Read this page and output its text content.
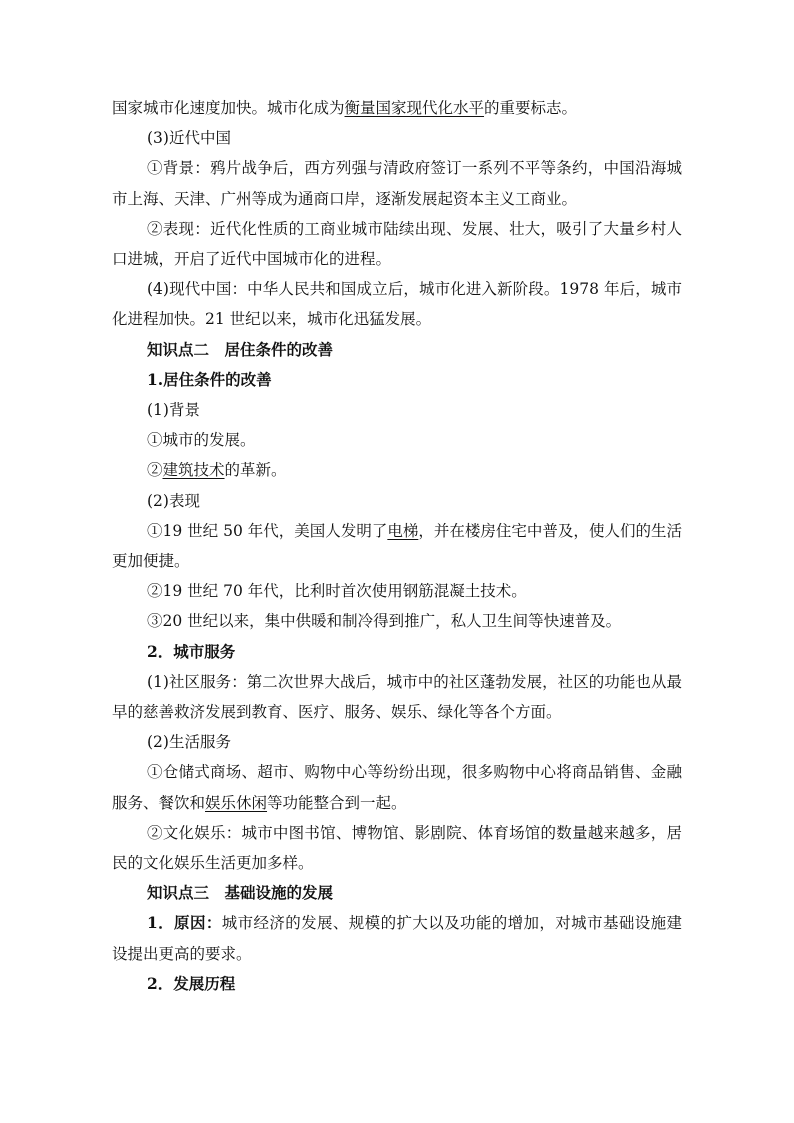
国家城市化速度加快。城市化成为衡量国家现代化水平的重要标志。

(3)近代中国

①背景：鸦片战争后，西方列强与清政府签订一系列不平等条约，中国沿海城市上海、天津、广州等成为通商口岸，逐渐发展起资本主义工商业。

②表现：近代化性质的工商业城市陆续出现、发展、壮大，吸引了大量乡村人口进城，开启了近代中国城市化的进程。

(4)现代中国：中华人民共和国成立后，城市化进入新阶段。1978 年后，城市化进程加快。21 世纪以来，城市化迅猛发展。

知识点二　居住条件的改善

1.居住条件的改善

(1)背景

①城市的发展。

②建筑技术的革新。

(2)表现

①19 世纪 50 年代，美国人发明了电梯，并在楼房住宅中普及，使人们的生活更加便捷。

②19 世纪 70 年代，比利时首次使用钢筋混凝土技术。

③20 世纪以来，集中供暖和制冷得到推广，私人卫生间等快速普及。

2．城市服务

(1)社区服务：第二次世界大战后，城市中的社区蓬勃发展，社区的功能也从最早的慈善救济发展到教育、医疗、服务、娱乐、绿化等各个方面。

(2)生活服务

①仓储式商场、超市、购物中心等纷纷出现，很多购物中心将商品销售、金融服务、餐饮和娱乐休闲等功能整合到一起。

②文化娱乐：城市中图书馆、博物馆、影剧院、体育场馆的数量越来越多，居民的文化娱乐生活更加多样。

知识点三　基础设施的发展

1．原因：城市经济的发展、规模的扩大以及功能的增加，对城市基础设施建设提出更高的要求。

2．发展历程
